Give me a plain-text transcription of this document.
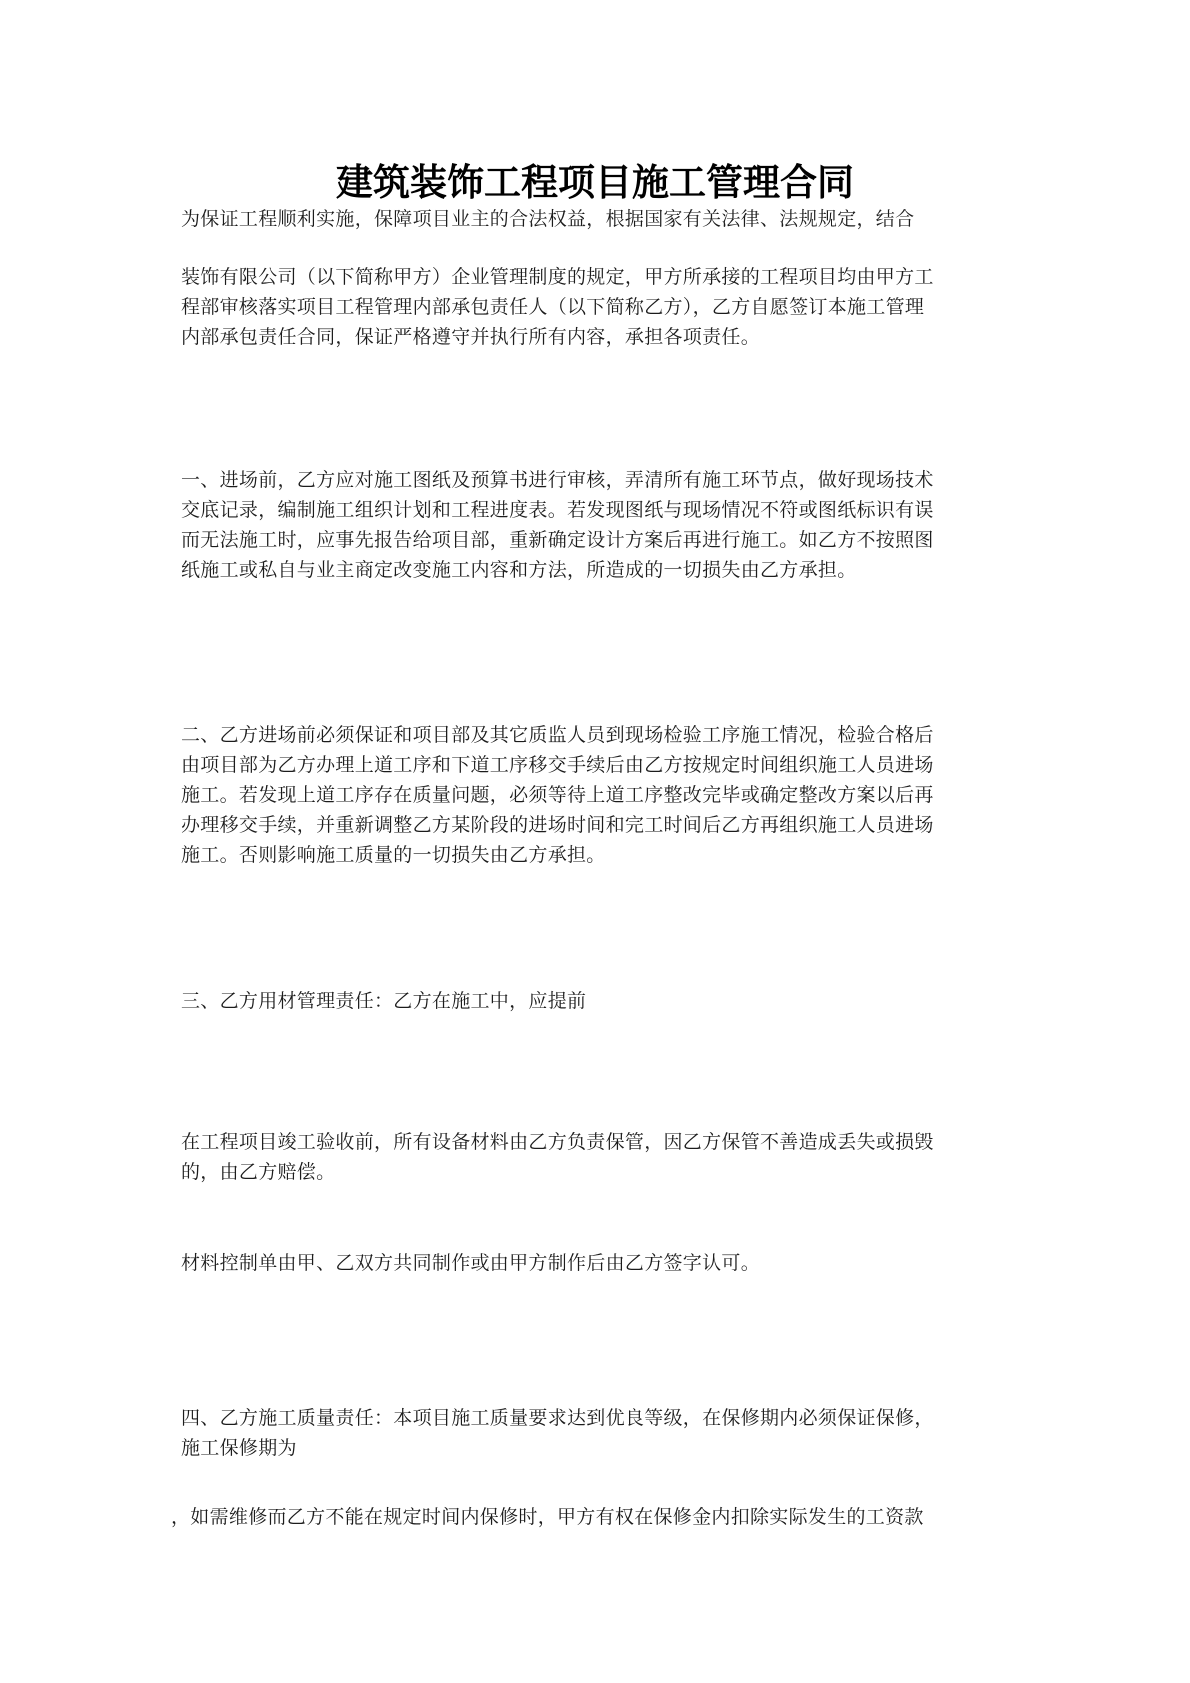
建筑装饰工程项目施工管理合同
为保证工程顺利实施，保障项目业主的合法权益，根据国家有关法律、法规规定，结合
装饰有限公司（以下简称甲方）企业管理制度的规定，甲方所承接的工程项目均由甲方工
程部审核落实项目工程管理内部承包责任人（以下简称乙方），乙方自愿签订本施工管理
内部承包责任合同，保证严格遵守并执行所有内容，承担各项责任。
一、进场前，乙方应对施工图纸及预算书进行审核，弄清所有施工环节点，做好现场技术
交底记录，编制施工组织计划和工程进度表。若发现图纸与现场情况不符或图纸标识有误
而无法施工时，应事先报告给项目部，重新确定设计方案后再进行施工。如乙方不按照图
纸施工或私自与业主商定改变施工内容和方法，所造成的一切损失由乙方承担。
二、乙方进场前必须保证和项目部及其它质监人员到现场检验工序施工情况，检验合格后
由项目部为乙方办理上道工序和下道工序移交手续后由乙方按规定时间组织施工人员进场
施工。若发现上道工序存在质量问题，必须等待上道工序整改完毕或确定整改方案以后再
办理移交手续，并重新调整乙方某阶段的进场时间和完工时间后乙方再组织施工人员进场
施工。否则影响施工质量的一切损失由乙方承担。
三、乙方用材管理责任：乙方在施工中，应提前
在工程项目竣工验收前，所有设备材料由乙方负责保管，因乙方保管不善造成丢失或损毁
的，由乙方赔偿。
材料控制单由甲、乙双方共同制作或由甲方制作后由乙方签字认可。
四、乙方施工质量责任：本项目施工质量要求达到优良等级，在保修期内必须保证保修，
施工保修期为
，如需维修而乙方不能在规定时间内保修时，甲方有权在保修金内扣除实际发生的工资款
